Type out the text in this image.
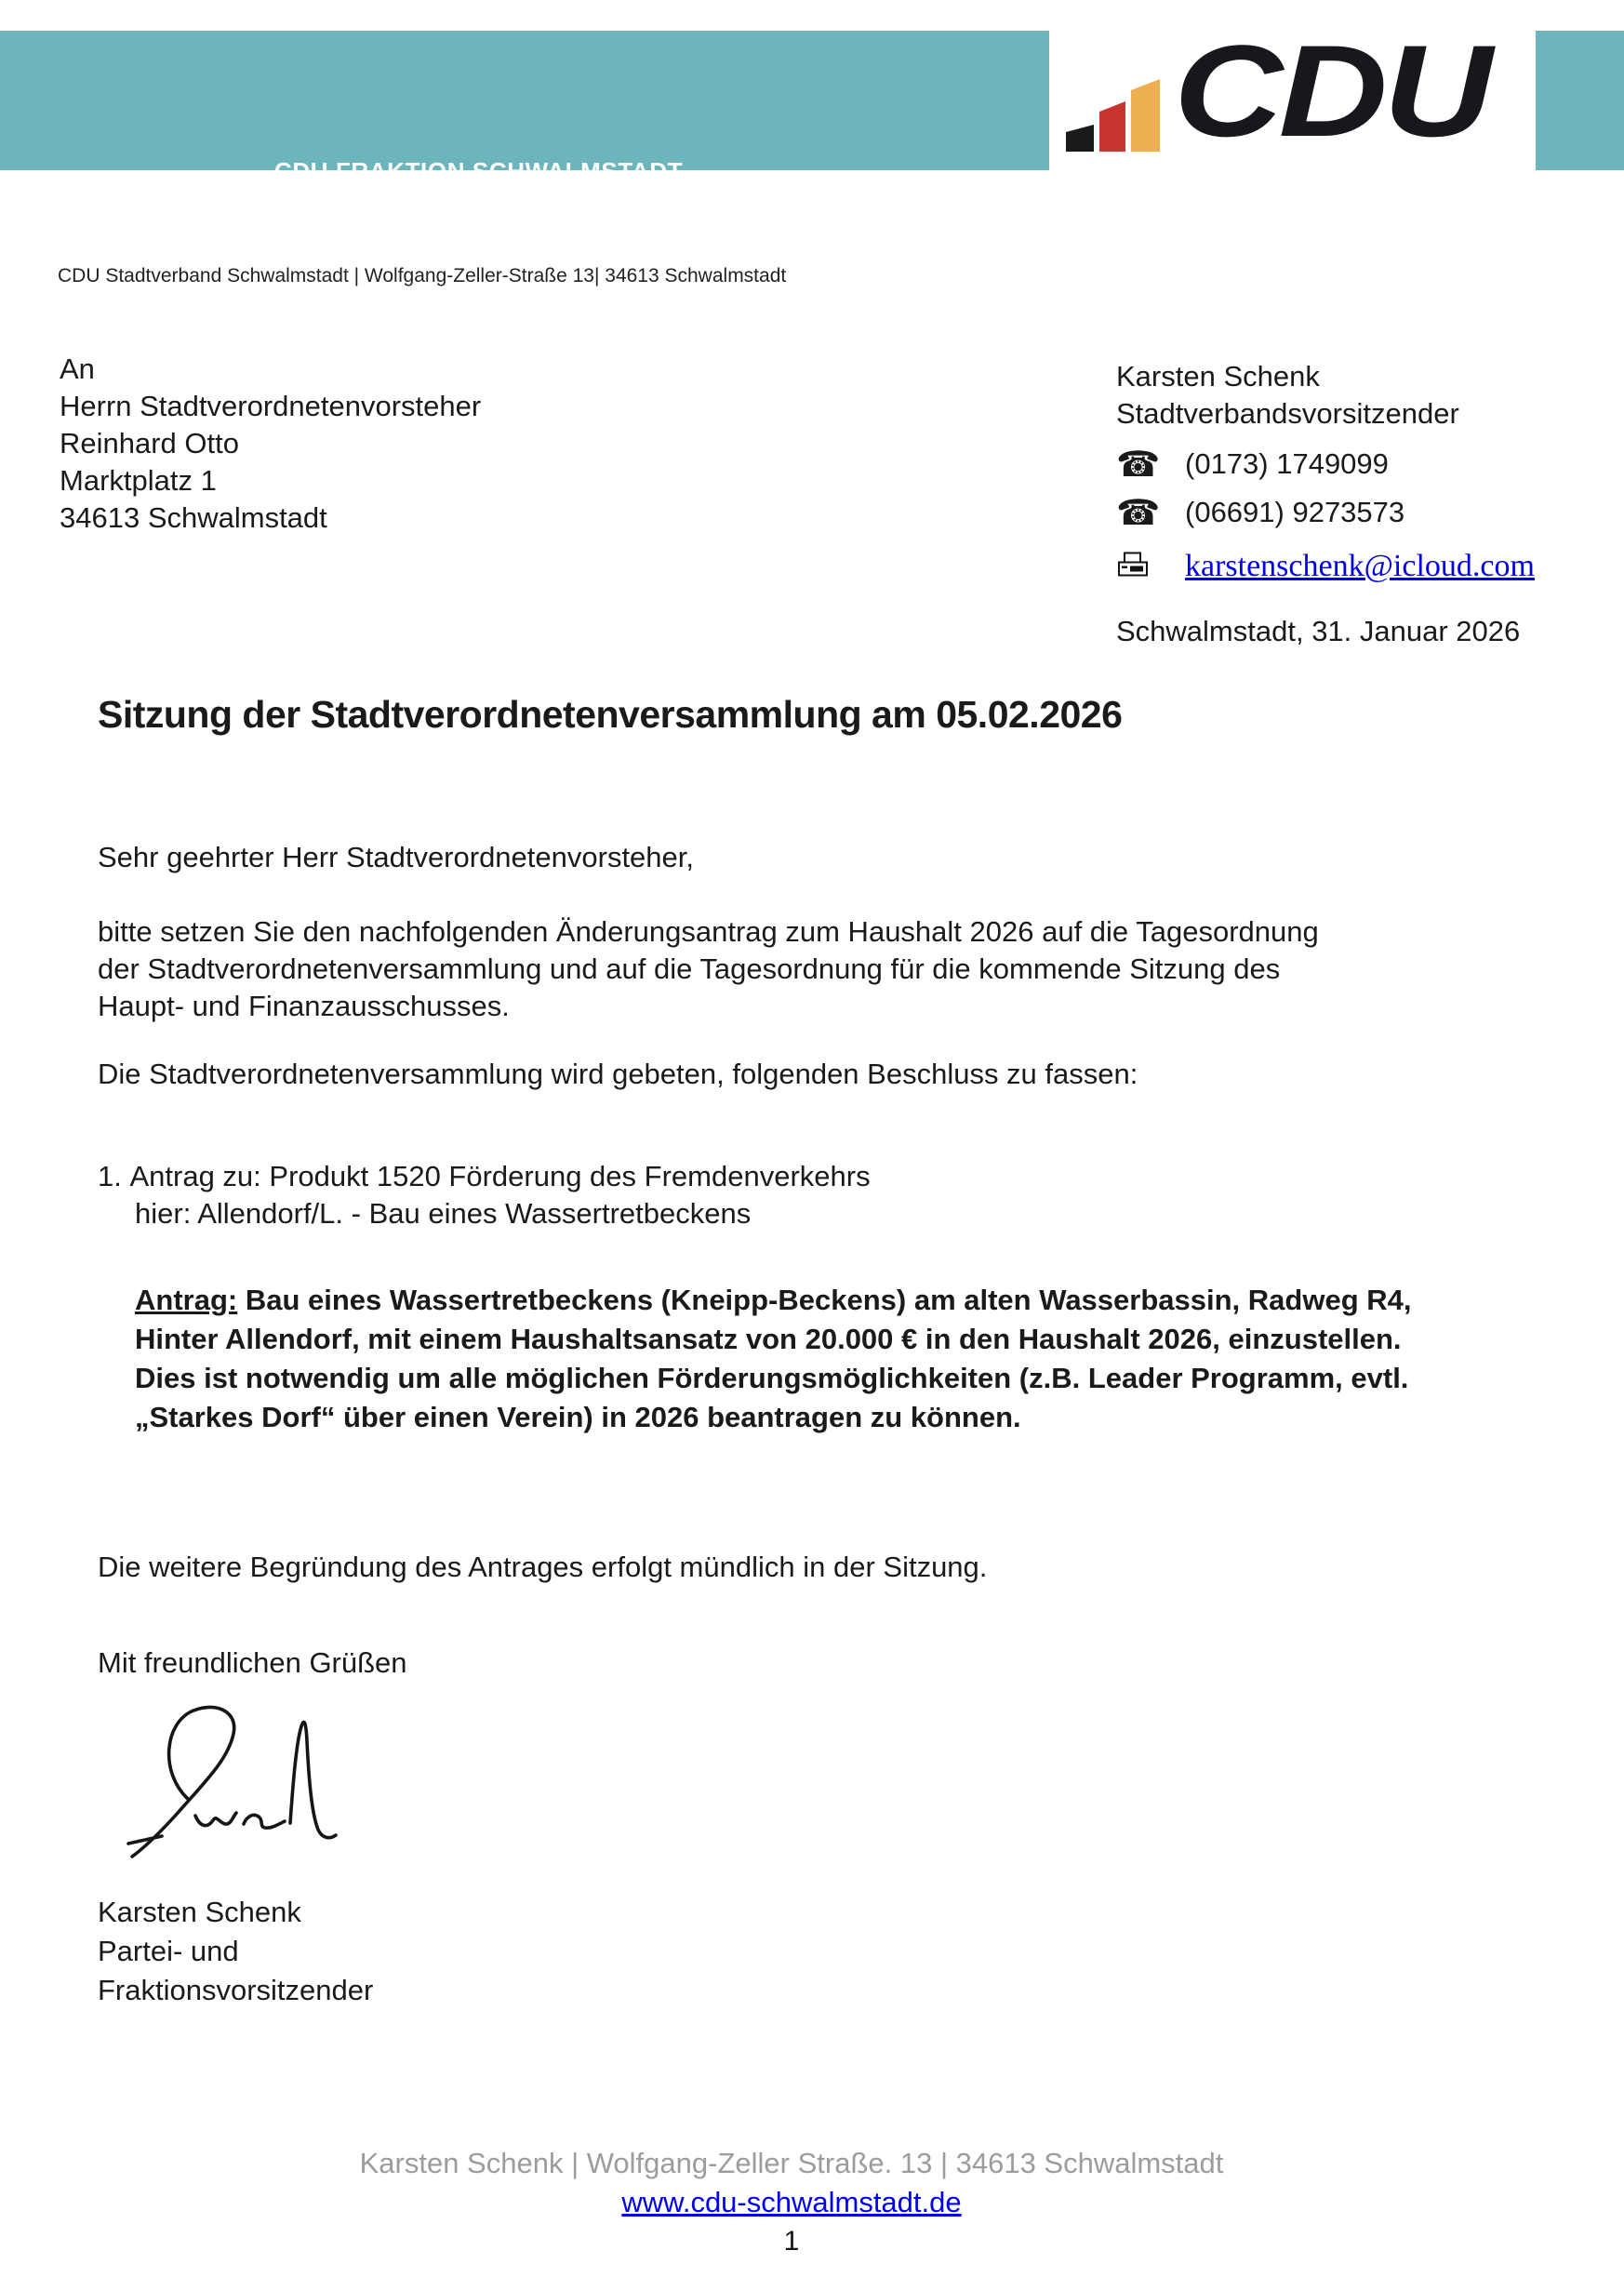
CDU FRAKTION SCHWALMSTADT
CDU
CDU Stadtverband Schwalmstadt | Wolfgang-Zeller-Straße 13| 34613 Schwalmstadt
An
Herrn Stadtverordnetenvorsteher
Reinhard Otto
Marktplatz 1
34613 Schwalmstadt
Karsten Schenk
Stadtverbandsvorsitzender
☎ (0173) 1749099
☎ (06691) 9273573
karstenschenk@icloud.com
Schwalmstadt, 31. Januar 2026
Sitzung der Stadtverordnetenversammlung am 05.02.2026
Sehr geehrter Herr Stadtverordnetenvorsteher,
bitte setzen Sie den nachfolgenden Änderungsantrag zum Haushalt 2026 auf die Tagesordnung der Stadtverordnetenversammlung und auf die Tagesordnung für die kommende Sitzung des Haupt- und Finanzausschusses.
Die Stadtverordnetenversammlung wird gebeten, folgenden Beschluss zu fassen:
1. Antrag zu: Produkt 1520 Förderung des Fremdenverkehrs
hier: Allendorf/L. - Bau eines Wassertretbeckens
Antrag: Bau eines Wassertretbeckens (Kneipp-Beckens) am alten Wasserbassin, Radweg R4, Hinter Allendorf, mit einem Haushaltsansatz von 20.000 € in den Haushalt 2026, einzustellen. Dies ist notwendig um alle möglichen Förderungsmöglichkeiten (z.B. Leader Programm, evtl. „Starkes Dorf“ über einen Verein) in 2026 beantragen zu können.
Die weitere Begründung des Antrages erfolgt mündlich in der Sitzung.
Mit freundlichen Grüßen
Karsten Schenk
Partei- und
Fraktionsvorsitzender
Karsten Schenk | Wolfgang-Zeller Straße. 13 | 34613 Schwalmstadt
www.cdu-schwalmstadt.de
1
